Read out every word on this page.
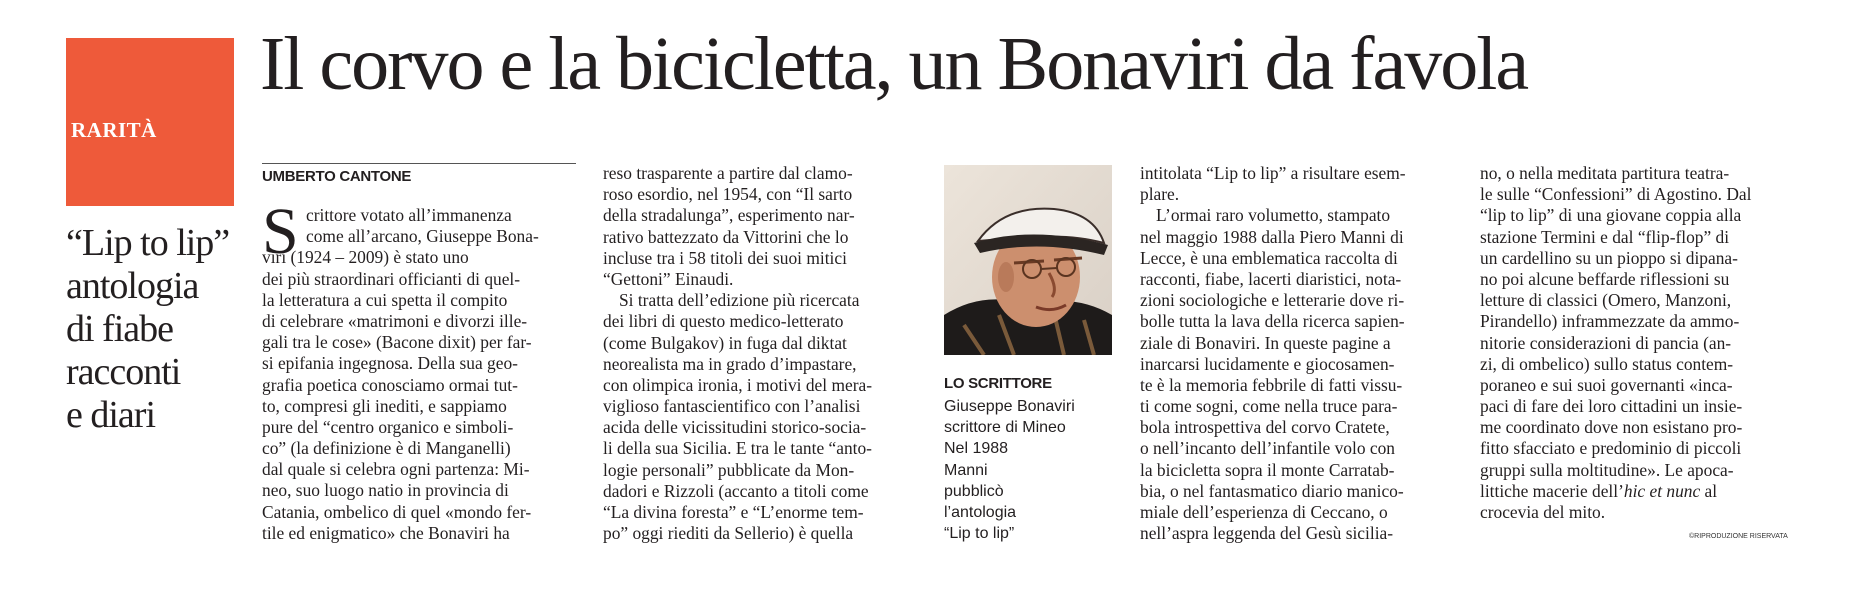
RARITÀ
Il corvo e la bicicletta, un Bonaviri da favola
“Lip to lip”
antologia
di fiabe
racconti
e diari
UMBERTO CANTONE
S crittore votato all’immanenza
come all’arcano, Giuseppe Bona-
viri (1924 – 2009) è stato uno
dei più straordinari officianti di quel-
la letteratura a cui spetta il compito
di celebrare «matrimoni e divorzi ille-
gali tra le cose» (Bacone dixit) per far-
si epifania ingegnosa. Della sua geo-
grafia poetica conosciamo ormai tut-
to, compresi gli inediti, e sappiamo
pure del “centro organico e simboli-
co” (la definizione è di Manganelli)
dal quale si celebra ogni partenza: Mi-
neo, suo luogo natio in provincia di
Catania, ombelico di quel «mondo fer-
tile ed enigmatico» che Bonaviri ha
reso trasparente a partire dal clamo-
roso esordio, nel 1954, con “Il sarto
della stradalunga”, esperimento nar-
rativo battezzato da Vittorini che lo
incluse tra i 58 titoli dei suoi mitici
“Gettoni” Einaudi.
Si tratta dell’edizione più ricercata
dei libri di questo medico-letterato
(come Bulgakov) in fuga dal diktat
neorealista ma in grado d’impastare,
con olimpica ironia, i motivi del mera-
viglioso fantascientifico con l’analisi
acida delle vicissitudini storico-socia-
li della sua Sicilia. E tra le tante “anto-
logie personali” pubblicate da Mon-
dadori e Rizzoli (accanto a titoli come
“La divina foresta” e “L’enorme tem-
po” oggi riediti da Sellerio) è quella
LO SCRITTORE
Giuseppe Bonaviri
scrittore di Mineo
Nel 1988
Manni
pubblicò
l’antologia
“Lip to lip”
intitolata “Lip to lip” a risultare esem-
plare.
L’ormai raro volumetto, stampato
nel maggio 1988 dalla Piero Manni di
Lecce, è una emblematica raccolta di
racconti, fiabe, lacerti diaristici, nota-
zioni sociologiche e letterarie dove ri-
bolle tutta la lava della ricerca sapien-
ziale di Bonaviri. In queste pagine a
inarcarsi lucidamente e giocosamen-
te è la memoria febbrile di fatti vissu-
ti come sogni, come nella truce para-
bola introspettiva del corvo Cratete,
o nell’incanto dell’infantile volo con
la bicicletta sopra il monte Carratab-
bia, o nel fantasmatico diario manico-
miale dell’esperienza di Ceccano, o
nell’aspra leggenda del Gesù sicilia-
no, o nella meditata partitura teatra-
le sulle “Confessioni” di Agostino. Dal
“lip to lip” di una giovane coppia alla
stazione Termini e dal “flip-flop” di
un cardellino su un pioppo si dipana-
no poi alcune beffarde riflessioni su
letture di classici (Omero, Manzoni,
Pirandello) inframmezzate da ammo-
nitorie considerazioni di pancia (an-
zi, di ombelico) sullo status contem-
poraneo e sui suoi governanti «inca-
paci di fare dei loro cittadini un insie-
me coordinato dove non esistano pro-
fitto sfacciato e predominio di piccoli
gruppi sulla moltitudine». Le apoca-
littiche macerie dell’hic et nunc al
crocevia del mito.
©RIPRODUZIONE RISERVATA
